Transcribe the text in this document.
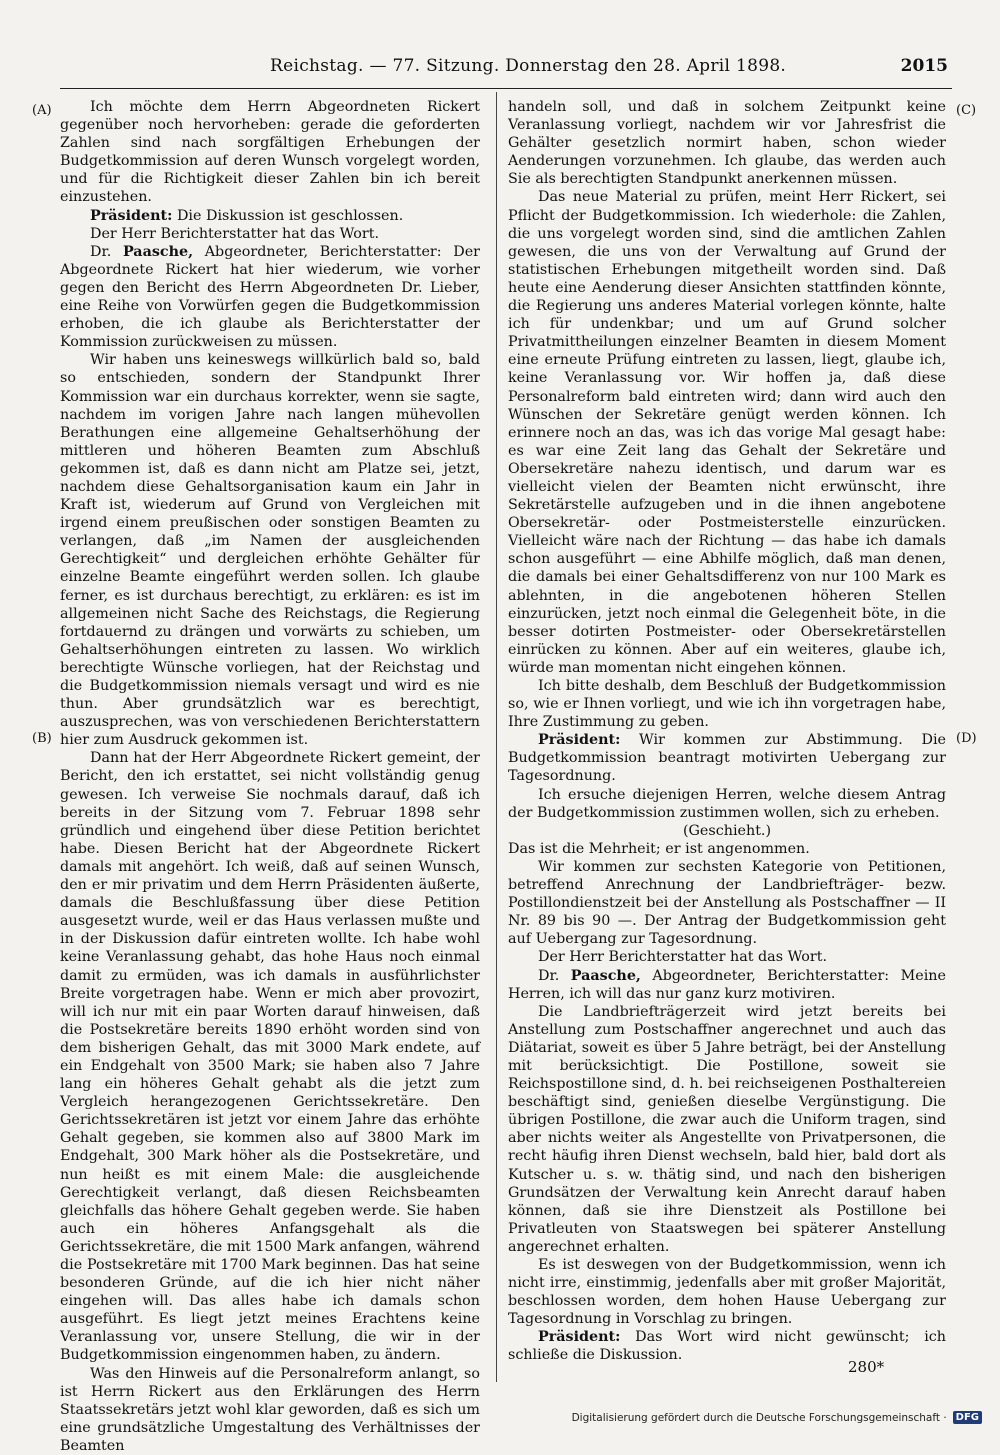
Reichstag. — 77. Sitzung. Donnerstag den 28. April 1898.	2015
(A)
(B)
(C)
(D)

Ich möchte dem Herrn Abgeordneten Rickert gegenüber noch hervorheben: gerade die geforderten Zahlen sind nach sorgfältigen Erhebungen der Budgetkommission auf deren Wunsch vorgelegt worden, und für die Richtigkeit dieser Zahlen bin ich bereit einzustehen.

Präsident: Die Diskussion ist geschlossen.

Der Herr Berichterstatter hat das Wort.

Dr. Paasche, Abgeordneter, Berichterstatter: Der Abgeordnete Rickert hat hier wiederum, wie vorher gegen den Bericht des Herrn Abgeordneten Dr. Lieber, eine Reihe von Vorwürfen gegen die Budgetkommission erhoben, die ich glaube als Berichterstatter der Kommission zurückweisen zu müssen.

Wir haben uns keineswegs willkürlich bald so, bald so entschieden, sondern der Standpunkt Ihrer Kommission war ein durchaus korrekter, wenn sie sagte, nachdem im vorigen Jahre nach langen mühevollen Berathungen eine allgemeine Gehaltserhöhung der mittleren und höheren Beamten zum Abschluß gekommen ist, daß es dann nicht am Platze sei, jetzt, nachdem diese Gehaltsorganisation kaum ein Jahr in Kraft ist, wiederum auf Grund von Vergleichen mit irgend einem preußischen oder sonstigen Beamten zu verlangen, daß „im Namen der ausgleichenden Gerechtigkeit“ und dergleichen erhöhte Gehälter für einzelne Beamte eingeführt werden sollen. Ich glaube ferner, es ist durchaus berechtigt, zu erklären: es ist im allgemeinen nicht Sache des Reichstags, die Regierung fortdauernd zu drängen und vorwärts zu schieben, um Gehaltserhöhungen eintreten zu lassen. Wo wirklich berechtigte Wünsche vorliegen, hat der Reichstag und die Budgetkommission niemals versagt und wird es nie thun. Aber grundsätzlich war es berechtigt, auszusprechen, was von verschiedenen Berichterstattern hier zum Ausdruck gekommen ist.

Dann hat der Herr Abgeordnete Rickert gemeint, der Bericht, den ich erstattet, sei nicht vollständig genug gewesen. Ich verweise Sie nochmals darauf, daß ich bereits in der Sitzung vom 7. Februar 1898 sehr gründlich und eingehend über diese Petition berichtet habe. Diesen Bericht hat der Abgeordnete Rickert damals mit angehört. Ich weiß, daß auf seinen Wunsch, den er mir privatim und dem Herrn Präsidenten äußerte, damals die Beschlußfassung über diese Petition ausgesetzt wurde, weil er das Haus verlassen mußte und in der Diskussion dafür eintreten wollte. Ich habe wohl keine Veranlassung gehabt, das hohe Haus noch einmal damit zu ermüden, was ich damals in ausführlichster Breite vorgetragen habe. Wenn er mich aber provozirt, will ich nur mit ein paar Worten darauf hinweisen, daß die Postsekretäre bereits 1890 erhöht worden sind von dem bisherigen Gehalt, das mit 3000 Mark endete, auf ein Endgehalt von 3500 Mark; sie haben also 7 Jahre lang ein höheres Gehalt gehabt als die jetzt zum Vergleich herangezogenen Gerichtssekretäre. Den Gerichtssekretären ist jetzt vor einem Jahre das erhöhte Gehalt gegeben, sie kommen also auf 3800 Mark im Endgehalt, 300 Mark höher als die Postsekretäre, und nun heißt es mit einem Male: die ausgleichende Gerechtigkeit verlangt, daß diesen Reichsbeamten gleichfalls das höhere Gehalt gegeben werde. Sie haben auch ein höheres Anfangsgehalt als die Gerichtssekretäre, die mit 1500 Mark anfangen, während die Postsekretäre mit 1700 Mark beginnen. Das hat seine besonderen Gründe, auf die ich hier nicht näher eingehen will. Das alles habe ich damals schon ausgeführt. Es liegt jetzt meines Erachtens keine Veranlassung vor, unsere Stellung, die wir in der Budgetkommission eingenommen haben, zu ändern.

Was den Hinweis auf die Personalreform anlangt, so ist Herrn Rickert aus den Erklärungen des Herrn Staatssekretärs jetzt wohl klar geworden, daß es sich um eine grundsätzliche Umgestaltung des Verhältnisses der Beamten

handeln soll, und daß in solchem Zeitpunkt keine Veranlassung vorliegt, nachdem wir vor Jahresfrist die Gehälter gesetzlich normirt haben, schon wieder Aenderungen vorzunehmen. Ich glaube, das werden auch Sie als berechtigten Standpunkt anerkennen müssen.

Das neue Material zu prüfen, meint Herr Rickert, sei Pflicht der Budgetkommission. Ich wiederhole: die Zahlen, die uns vorgelegt worden sind, sind die amtlichen Zahlen gewesen, die uns von der Verwaltung auf Grund der statistischen Erhebungen mitgetheilt worden sind. Daß heute eine Aenderung dieser Ansichten stattfinden könnte, die Regierung uns anderes Material vorlegen könnte, halte ich für undenkbar; und um auf Grund solcher Privatmittheilungen einzelner Beamten in diesem Moment eine erneute Prüfung eintreten zu lassen, liegt, glaube ich, keine Veranlassung vor. Wir hoffen ja, daß diese Personalreform bald eintreten wird; dann wird auch den Wünschen der Sekretäre genügt werden können. Ich erinnere noch an das, was ich das vorige Mal gesagt habe: es war eine Zeit lang das Gehalt der Sekretäre und Obersekretäre nahezu identisch, und darum war es vielleicht vielen der Beamten nicht erwünscht, ihre Sekretärstelle aufzugeben und in die ihnen angebotene Obersekretär- oder Postmeisterstelle einzurücken. Vielleicht wäre nach der Richtung — das habe ich damals schon ausgeführt — eine Abhilfe möglich, daß man denen, die damals bei einer Gehaltsdifferenz von nur 100 Mark es ablehnten, in die angebotenen höheren Stellen einzurücken, jetzt noch einmal die Gelegenheit böte, in die besser dotirten Postmeister- oder Obersekretärstellen einrücken zu können. Aber auf ein weiteres, glaube ich, würde man momentan nicht eingehen können.

Ich bitte deshalb, dem Beschluß der Budgetkommission so, wie er Ihnen vorliegt, und wie ich ihn vorgetragen habe, Ihre Zustimmung zu geben.

Präsident: Wir kommen zur Abstimmung. Die Budgetkommission beantragt motivirten Uebergang zur Tagesordnung.

Ich ersuche diejenigen Herren, welche diesem Antrag der Budgetkommission zustimmen wollen, sich zu erheben.

(Geschieht.)

Das ist die Mehrheit; er ist angenommen.

Wir kommen zur sechsten Kategorie von Petitionen, betreffend Anrechnung der Landbriefträger- bezw. Postillondienstzeit bei der Anstellung als Postschaffner — II Nr. 89 bis 90 —. Der Antrag der Budgetkommission geht auf Uebergang zur Tagesordnung.

Der Herr Berichterstatter hat das Wort.

Dr. Paasche, Abgeordneter, Berichterstatter: Meine Herren, ich will das nur ganz kurz motiviren.

Die Landbriefträgerzeit wird jetzt bereits bei Anstellung zum Postschaffner angerechnet und auch das Diätariat, soweit es über 5 Jahre beträgt, bei der Anstellung mit berücksichtigt. Die Postillone, soweit sie Reichspostillone sind, d. h. bei reichseigenen Posthaltereien beschäftigt sind, genießen dieselbe Vergünstigung. Die übrigen Postillone, die zwar auch die Uniform tragen, sind aber nichts weiter als Angestellte von Privatpersonen, die recht häufig ihren Dienst wechseln, bald hier, bald dort als Kutscher u. s. w. thätig sind, und nach den bisherigen Grundsätzen der Verwaltung kein Anrecht darauf haben können, daß sie ihre Dienstzeit als Postillone bei Privatleuten von Staatswegen bei späterer Anstellung angerechnet erhalten.

Es ist deswegen von der Budgetkommission, wenn ich nicht irre, einstimmig, jedenfalls aber mit großer Majorität, beschlossen worden, dem hohen Hause Uebergang zur Tagesordnung in Vorschlag zu bringen.

Präsident: Das Wort wird nicht gewünscht; ich schließe die Diskussion.

280*
Digitalisierung gefördert durch die Deutsche Forschungsgemeinschaft · DFG
